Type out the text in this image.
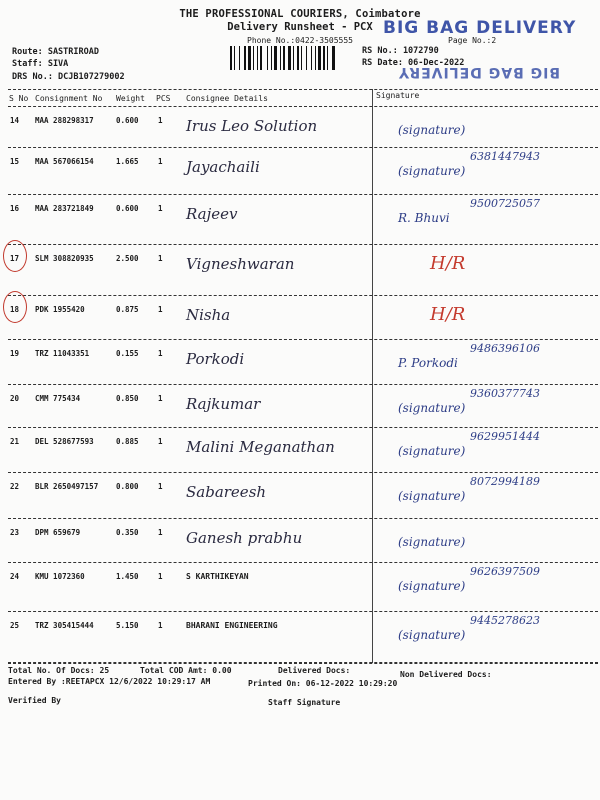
THE PROFESSIONAL COURIERS, Coimbatore
Delivery Runsheet - PCX
Phone No.:0422-3505555
BIG BAG DELIVERY
Page No.:2
Route: SASTRIROAD
Staff: SIVA
DRS No.: DCJB107279002
RS No.: 1072790
RS Date: 06-Dec-2022
BIG BAG DELIVERY
S No Consignment No Weight PCS Consignee Details	Signature
14 MAA 288298317	0.600	1 Irus Leo Solution	(signature)
15 MAA 567066154	1.665	1 Jayachaili	(signature)
6381447943
16 MAA 283721849	0.600	1 Rajeev	R. Bhuvi
9500725057
17 SLM 308820935	2.500	1 Vigneshwaran	H/R
18 PDK 1955420	0.875	1 Nisha	H/R
19 TRZ 11043351	0.155	1 Porkodi	P. Porkodi
9486396106
20 CMM 775434	0.850	1 Rajkumar	(signature)
9360377743
21 DEL 528677593	0.885	1 Malini Meganathan	(signature)
9629951444
22 BLR 2650497157 0.800	1 Sabareesh	(signature)
8072994189
23 DPM 659679	0.350	1 Ganesh prabhu	(signature)
24 KMU 1072360	1.450	1	S KARTHIKEYAN
(signature)
9626397509
25 TRZ 305415444	5.150	1	BHARANI ENGINEERING
(signature)
9445278623
Total No. Of Docs: 25	Total COD Amt: 0.00	Delivered Docs:	Non Delivered Docs:
Entered By :REETAPCX 12/6/2022 10:29:17 AM	Printed On: 06-12-2022 10:29:20
Verified By	Staff Signature
